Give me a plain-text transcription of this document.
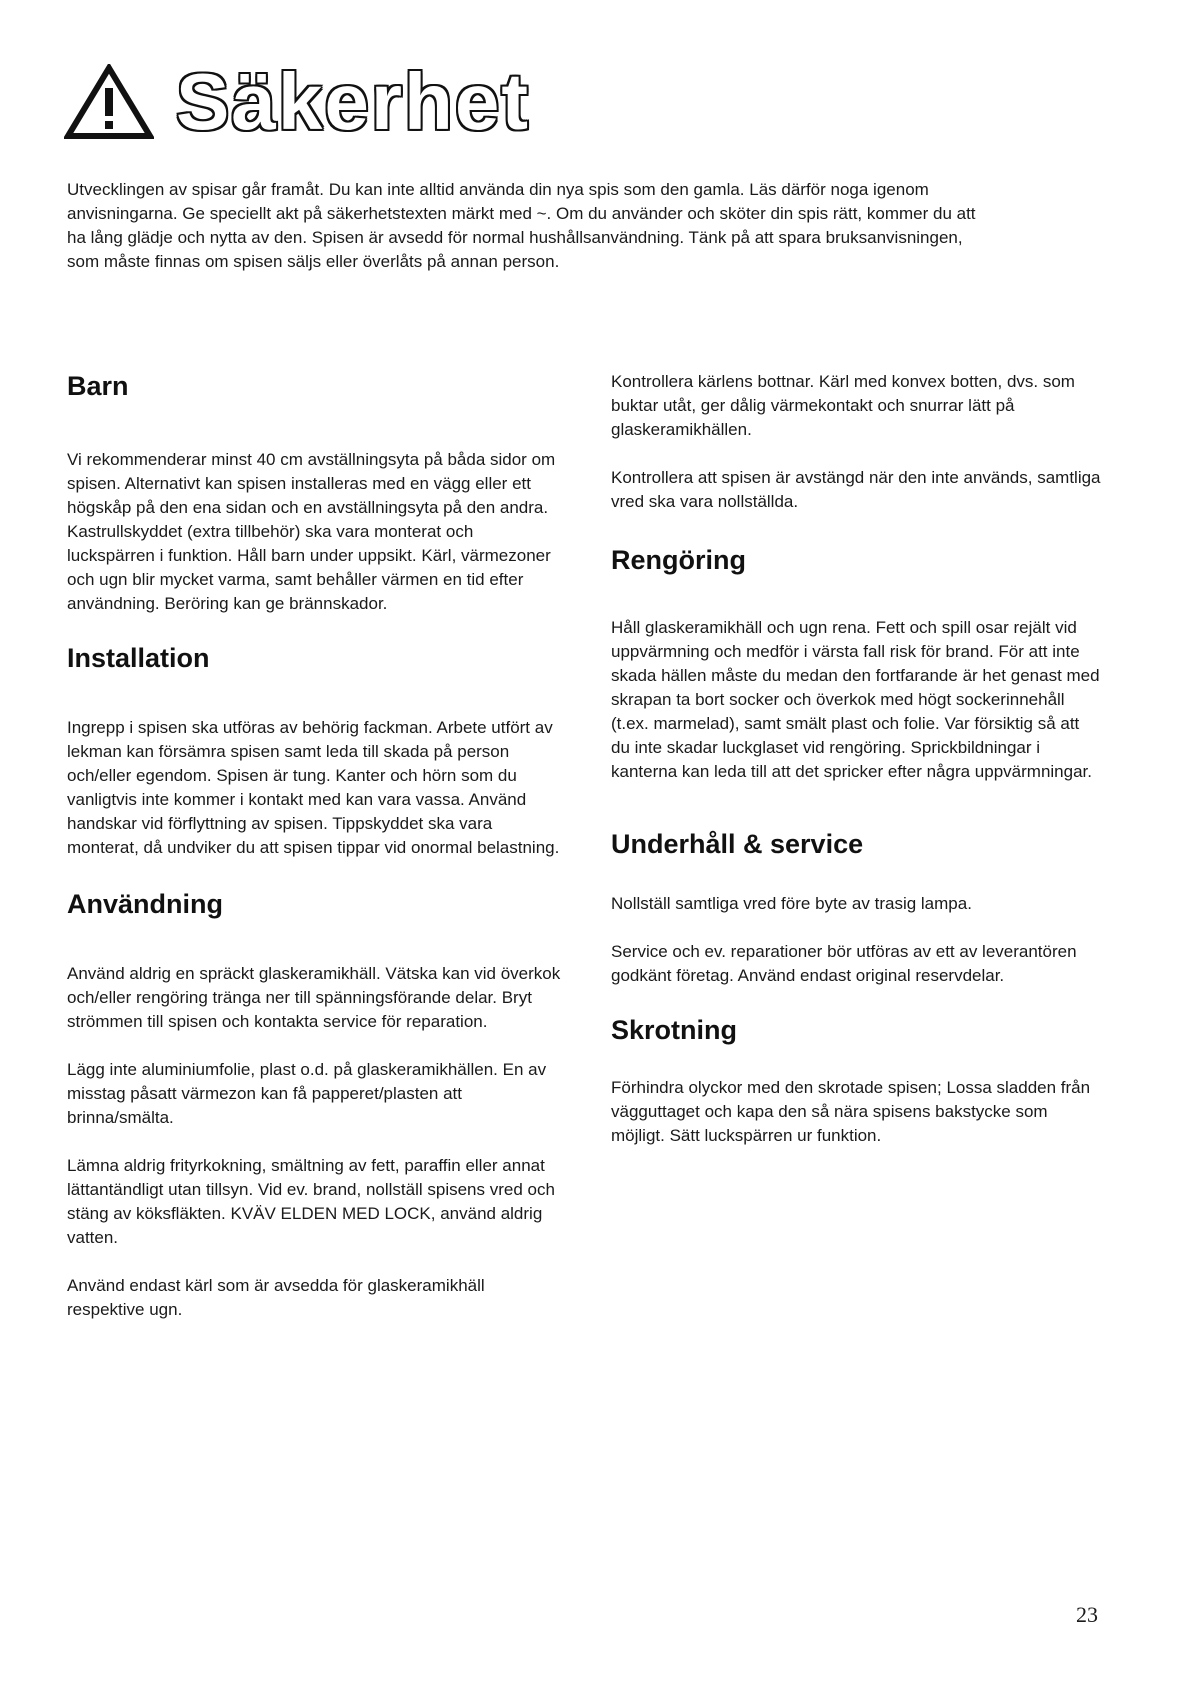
Säkerhet

Utvecklingen av spisar går framåt. Du kan inte alltid använda din nya spis som den gamla. Läs därför noga igenom anvisningarna. Ge speciellt akt på säkerhetstexten märkt med ~. Om du använder och sköter din spis rätt, kommer du att ha lång glädje och nytta av den. Spisen är avsedd för normal hushållsanvändning. Tänk på att spara bruksanvisningen, som måste finnas om spisen säljs eller överlåts på annan person.

Barn

Vi rekommenderar minst 40 cm avställningsyta på båda sidor om spisen. Alternativt kan spisen installeras med en vägg eller ett högskåp på den ena sidan och en avställningsyta på den andra. Kastrullskyddet (extra tillbehör) ska vara monterat och luckspärren i funktion. Håll barn under uppsikt. Kärl, värmezoner och ugn blir mycket varma, samt behåller värmen en tid efter användning. Beröring kan ge brännskador.

Installation

Ingrepp i spisen ska utföras av behörig fackman. Arbete utfört av lekman kan försämra spisen samt leda till skada på person och/eller egendom. Spisen är tung. Kanter och hörn som du vanligtvis inte kommer i kontakt med kan vara vassa. Använd handskar vid förflyttning av spisen. Tippskyddet ska vara monterat, då undviker du att spisen tippar vid onormal belastning.

Användning

Använd aldrig en spräckt glaskeramikhäll. Vätska kan vid överkok och/eller rengöring tränga ner till spänningsförande delar. Bryt strömmen till spisen och kontakta service för reparation.

Lägg inte aluminiumfolie, plast o.d. på glaskeramikhällen. En av misstag påsatt värmezon kan få papperet/plasten att brinna/smälta.

Lämna aldrig frityrkokning, smältning av fett, paraffin eller annat lättantändligt utan tillsyn. Vid ev. brand, nollställ spisens vred och stäng av köksfläkten. KVÄV ELDEN MED LOCK, använd aldrig vatten.

Använd endast kärl som är avsedda för glaskeramikhäll respektive ugn.

Kontrollera kärlens bottnar. Kärl med konvex botten, dvs. som buktar utåt, ger dålig värmekontakt och snurrar lätt på glaskeramikhällen.

Kontrollera att spisen är avstängd när den inte används, samtliga vred ska vara nollställda.

Rengöring

Håll glaskeramikhäll och ugn rena. Fett och spill osar rejält vid uppvärmning och medför i värsta fall risk för brand. För att inte skada hällen måste du medan den fortfarande är het genast med skrapan ta bort socker och överkok med högt sockerinnehåll (t.ex. marmelad), samt smält plast och folie. Var försiktig så att du inte skadar luckglaset vid rengöring. Sprickbildningar i kanterna kan leda till att det spricker efter några uppvärmningar.

Underhåll & service

Nollställ samtliga vred före byte av trasig lampa.

Service och ev. reparationer bör utföras av ett av leverantören godkänt företag. Använd endast original reservdelar.

Skrotning

Förhindra olyckor med den skrotade spisen; Lossa sladden från vägguttaget och kapa den så nära spisens bakstycke som möjligt. Sätt luckspärren ur funktion.

23
